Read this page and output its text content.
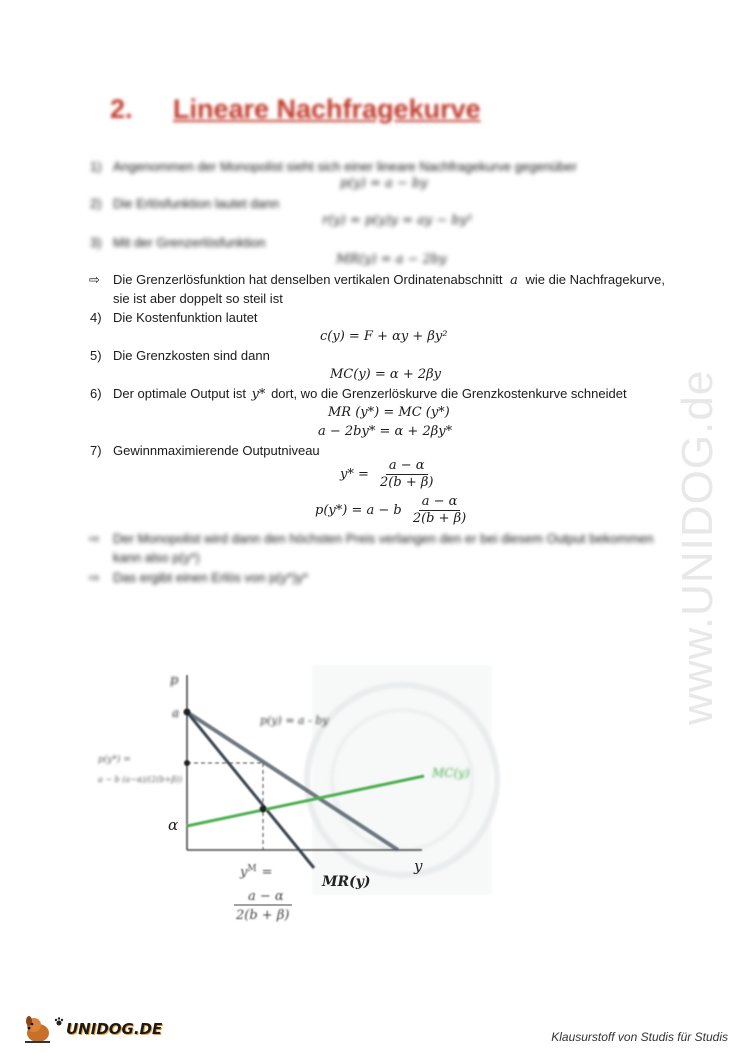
2. Lineare Nachfragekurve
1) Angenommen der Monopolist sieht sich einer lineare Nachfragekurve gegenüber
p(y) = a − by
2) Die Erlösfunktion lautet dann
r(y) = p(y)y = ay − by²
3) Mit der Grenzerlösfunktion
MR(y) = a − 2by
⇨ Die Grenzerlösfunktion hat denselben vertikalen Ordinatenabschnitt a wie die Nachfragekurve,
sie ist aber doppelt so steil ist
4) Die Kostenfunktion lautet
c(y) = F + αy + βy²
5) Die Grenzkosten sind dann
MC(y) = α + 2βy
6) Der optimale Output ist y* dort, wo die Grenzerlöskurve die Grenzkostenkurve schneidet
MR (y*) = MC (y*)
a − 2by* = α + 2βy*
7) Gewinnmaximierende Outputniveau
$y* = \frac{a - \alpha}{2(b + \beta)}$
p(y*) = a − b $\frac{a - \alpha}{2(b + \beta)}$
⇨ Der Monopolist wird dann den höchsten Preis verlangen den er bei diesem Output bekommen
kann also p(y*)
⇨ Das ergibt einen Erlös von p(y*)y*
p
y
a
α
p(y) = a - by
MC(y)
MR(y)
p(y*) =
a − b (a−α)/(2(b+β))
$y^M$ =
a − α
2(b + β)
www.UNIDOG.de
UNIDOG.DE	Klausurstoff von Studis für Studis
